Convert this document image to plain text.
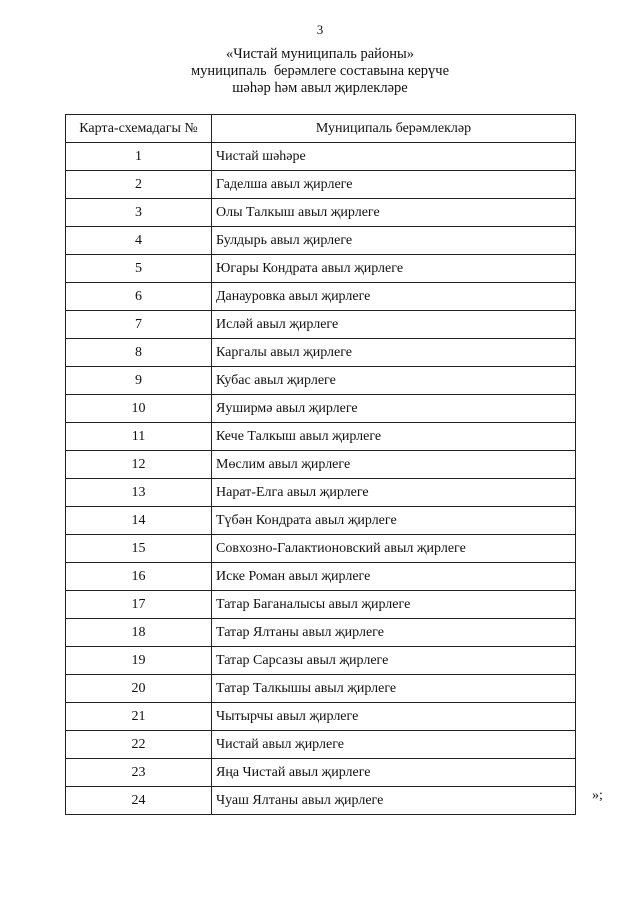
3
«Чистай муниципаль районы»
муниципаль  берәмлеге составына керүче
шәһәр һәм авыл җирлекләре
Карта-схемадагы №	Муниципаль берәмлекләр
1	Чистай шәһәре
2	Гаделша авыл җирлеге
3	Олы Талкыш авыл җирлеге
4	Булдырь авыл җирлеге
5	Югары Кондрата авыл җирлеге
6	Данауровка авыл җирлеге
7	Исләй авыл җирлеге
8	Каргалы авыл җирлеге
9	Кубас авыл җирлеге
10	Яуширмә авыл җирлеге
11	Кече Талкыш авыл җирлеге
12	Мөслим авыл җирлеге
13	Нарат-Елга авыл җирлеге
14	Түбән Кондрата авыл җирлеге
15	Совхозно-Галактионовский авыл җирлеге
16	Иске Роман авыл җирлеге
17	Татар Баганалысы авыл җирлеге
18	Татар Ялтаны авыл җирлеге
19	Татар Сарсазы авыл җирлеге
20	Татар Талкышы авыл җирлеге
21	Чытырчы авыл җирлеге
22	Чистай авыл җирлеге
23	Яңа Чистай авыл җирлеге
24	Чуаш Ялтаны авыл җирлеге	»;
